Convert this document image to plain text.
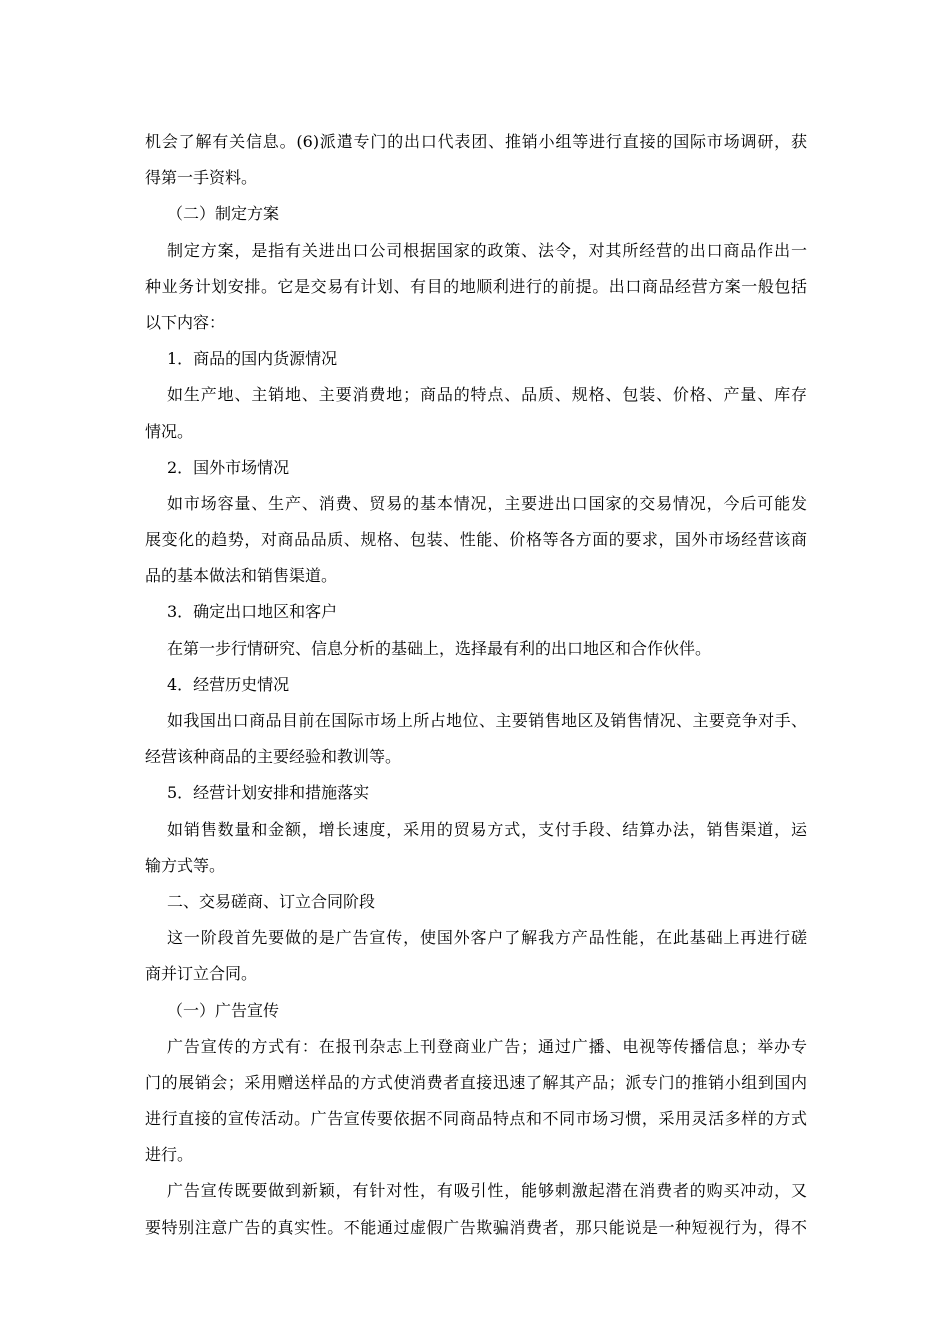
机会了解有关信息。(6)派遣专门的出口代表团、推销小组等进行直接的国际市场调研，获
得第一手资料。
（二）制定方案
制定方案，是指有关进出口公司根据国家的政策、法令，对其所经营的出口商品作出一
种业务计划安排。它是交易有计划、有目的地顺利进行的前提。出口商品经营方案一般包括
以下内容：
1．商品的国内货源情况
如生产地、主销地、主要消费地；商品的特点、品质、规格、包装、价格、产量、库存
情况。
2．国外市场情况
如市场容量、生产、消费、贸易的基本情况，主要进出口国家的交易情况，今后可能发
展变化的趋势，对商品品质、规格、包装、性能、价格等各方面的要求，国外市场经营该商
品的基本做法和销售渠道。
3．确定出口地区和客户
在第一步行情研究、信息分析的基础上，选择最有利的出口地区和合作伙伴。
4．经营历史情况
如我国出口商品目前在国际市场上所占地位、主要销售地区及销售情况、主要竞争对手、
经营该种商品的主要经验和教训等。
5．经营计划安排和措施落实
如销售数量和金额，增长速度，采用的贸易方式，支付手段、结算办法，销售渠道，运
输方式等。
二、交易磋商、订立合同阶段
这一阶段首先要做的是广告宣传，使国外客户了解我方产品性能，在此基础上再进行磋
商并订立合同。
（一）广告宣传
广告宣传的方式有：在报刊杂志上刊登商业广告；通过广播、电视等传播信息；举办专
门的展销会；采用赠送样品的方式使消费者直接迅速了解其产品；派专门的推销小组到国内
进行直接的宣传活动。广告宣传要依据不同商品特点和不同市场习惯，采用灵活多样的方式
进行。
广告宣传既要做到新颖，有针对性，有吸引性，能够刺激起潜在消费者的购买冲动，又
要特别注意广告的真实性。不能通过虚假广告欺骗消费者，那只能说是一种短视行为，得不
